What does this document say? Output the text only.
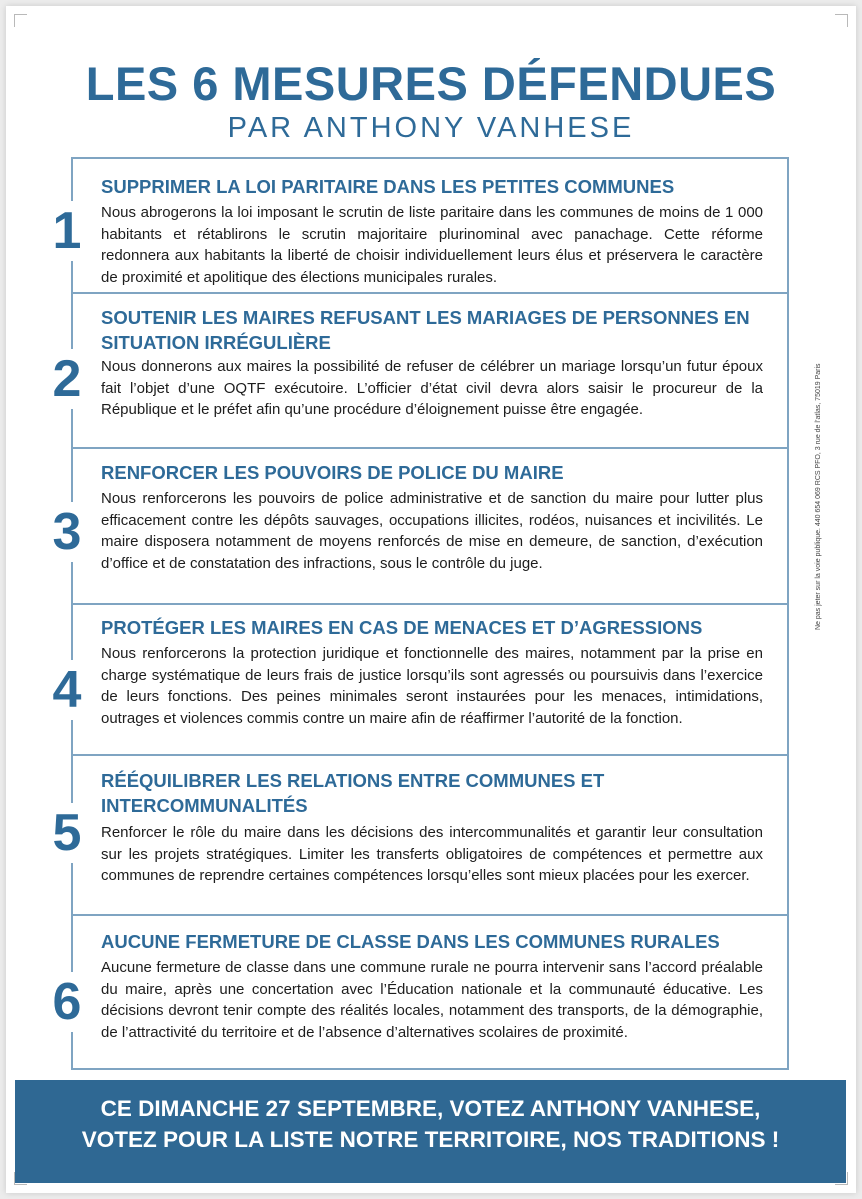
LES 6 MESURES DÉFENDUES
PAR ANTHONY VANHESE
1
SUPPRIMER LA LOI PARITAIRE DANS LES PETITES COMMUNES
Nous abrogerons la loi imposant le scrutin de liste paritaire dans les communes de moins de 1 000 habitants et rétablirons le scrutin majoritaire plurinominal avec panachage. Cette réforme redonnera aux habitants la liberté de choisir individuellement leurs élus et préservera le caractère de proximité et apolitique des élections municipales rurales.
2
SOUTENIR LES MAIRES REFUSANT LES MARIAGES DE PERSONNES EN SITUATION IRRÉGULIÈRE
Nous donnerons aux maires la possibilité de refuser de célébrer un mariage lorsqu’un futur époux fait l’objet d’une OQTF exécutoire. L’officier d’état civil devra alors saisir le procureur de la République et le préfet afin qu’une procédure d’éloignement puisse être engagée.
3
RENFORCER LES POUVOIRS DE POLICE DU MAIRE
Nous renforcerons les pouvoirs de police administrative et de sanction du maire pour lutter plus efficacement contre les dépôts sauvages, occupations illicites, rodéos, nuisances et incivilités. Le maire disposera notamment de moyens renforcés de mise en demeure, de sanction, d’exécution d’office et de constatation des infractions, sous le contrôle du juge.
4
PROTÉGER LES MAIRES EN CAS DE MENACES ET D’AGRESSIONS
Nous renforcerons la protection juridique et fonctionnelle des maires, notamment par la prise en charge systématique de leurs frais de justice lorsqu’ils sont agressés ou poursuivis dans l’exercice de leurs fonctions. Des peines minimales seront instaurées pour les menaces, intimidations, outrages et violences commis contre un maire afin de réaffirmer l’autorité de la fonction.
5
RÉÉQUILIBRER LES RELATIONS ENTRE COMMUNES ET INTERCOMMUNALITÉS
Renforcer le rôle du maire dans les décisions des intercommunalités et garantir leur consultation sur les projets stratégiques. Limiter les transferts obligatoires de compétences et permettre aux communes de reprendre certaines compétences lorsqu’elles sont mieux placées pour les exercer.
6
AUCUNE FERMETURE DE CLASSE DANS LES COMMUNES RURALES
Aucune fermeture de classe dans une commune rurale ne pourra intervenir sans l’accord préalable du maire, après une concertation avec l’Éducation nationale et la communauté éducative. Les décisions devront tenir compte des réalités locales, notamment des transports, de la démographie, de l’attractivité du territoire et de l’absence d’alternatives scolaires de proximité.
Ne pas jeter sur la voie publique. 440 654 069 RCS PFO, 3 rue de l’atlas, 75019 Paris
CE DIMANCHE 27 SEPTEMBRE, VOTEZ ANTHONY VANHESE,
VOTEZ POUR LA LISTE NOTRE TERRITOIRE, NOS TRADITIONS !
